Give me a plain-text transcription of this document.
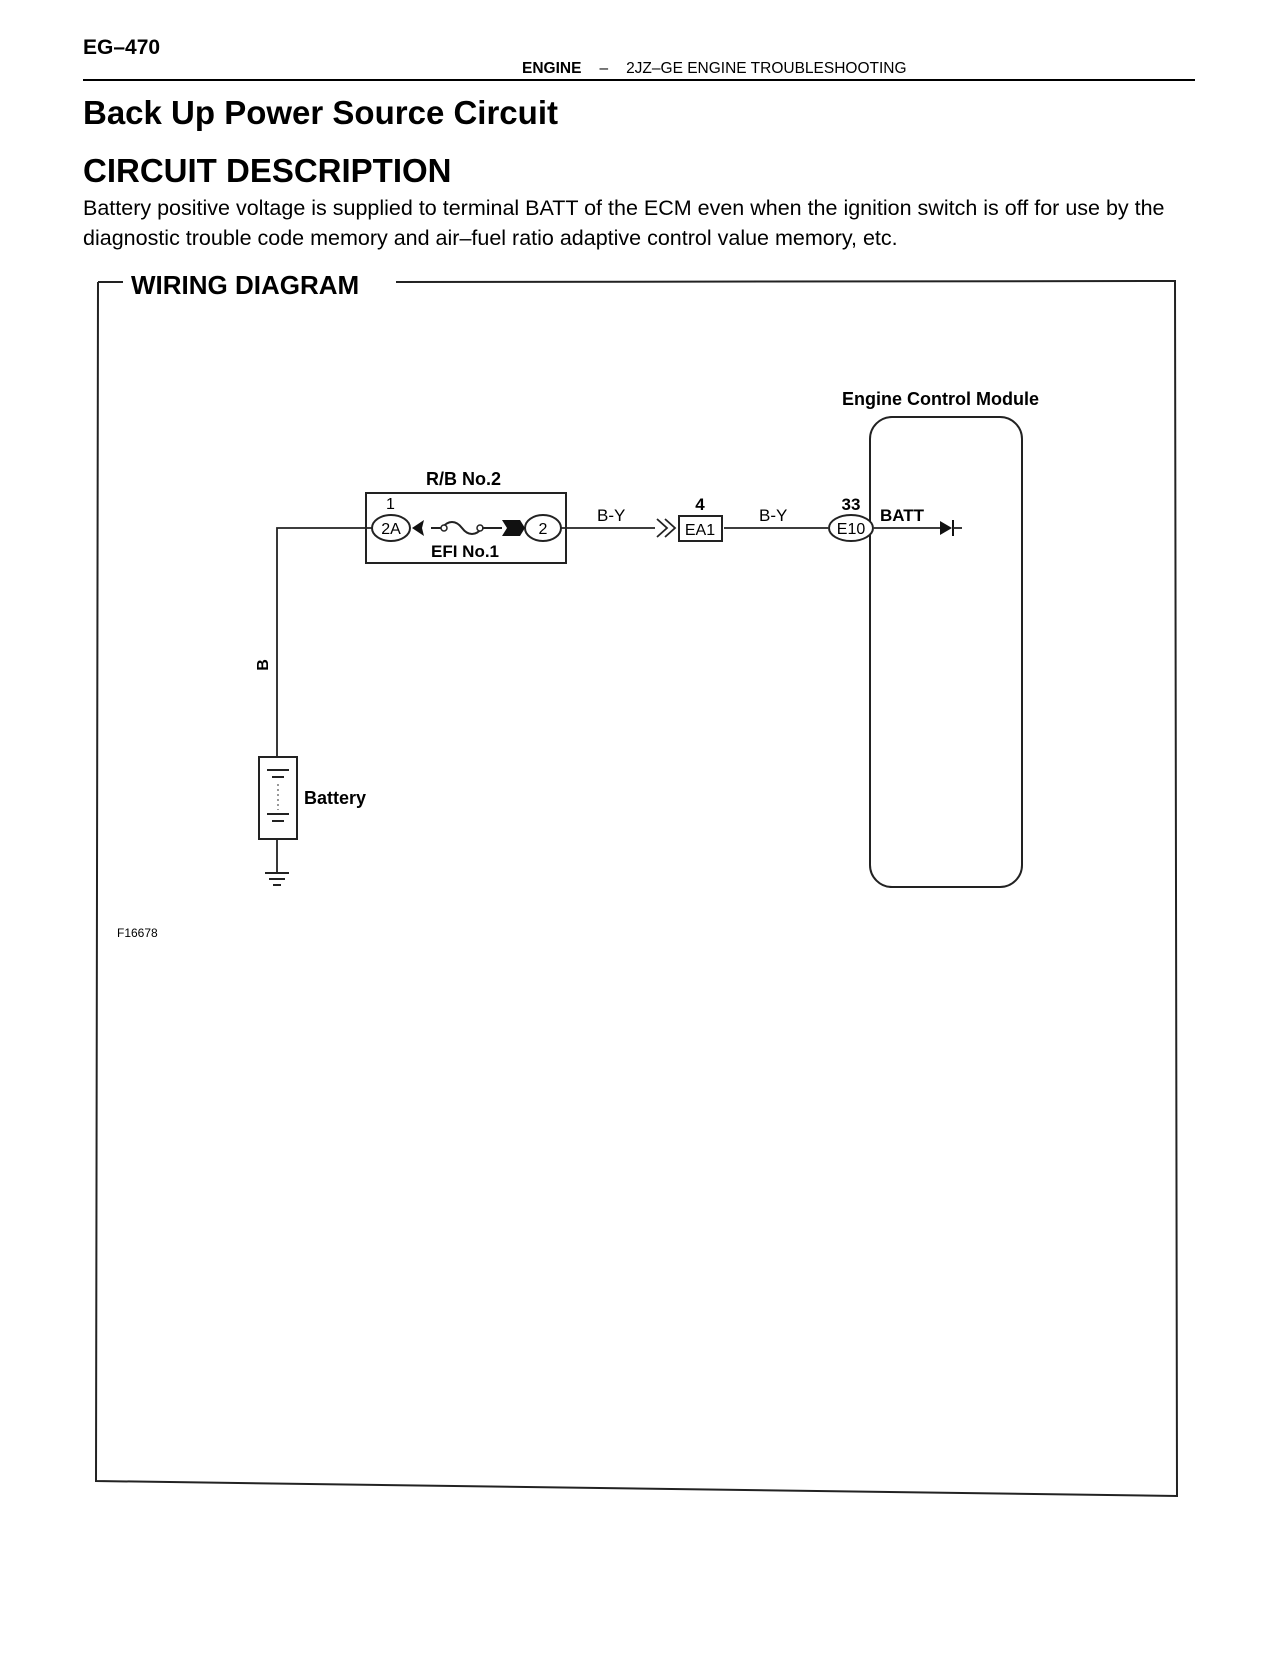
EG–470
ENGINE – 2JZ–GE ENGINE TROUBLESHOOTING
Back Up Power Source Circuit
CIRCUIT DESCRIPTION

Battery positive voltage is supplied to terminal BATT of the ECM even when the ignition switch is off for use by the diagnostic trouble code memory and air–fuel ratio adaptive control value memory, etc.

WIRING DIAGRAM
Engine Control Module
R/B No.2
1
2A	2
EFI No.1
B
B-Y	B-Y
4
EA1
33
E10
BATT
Battery
F16678
